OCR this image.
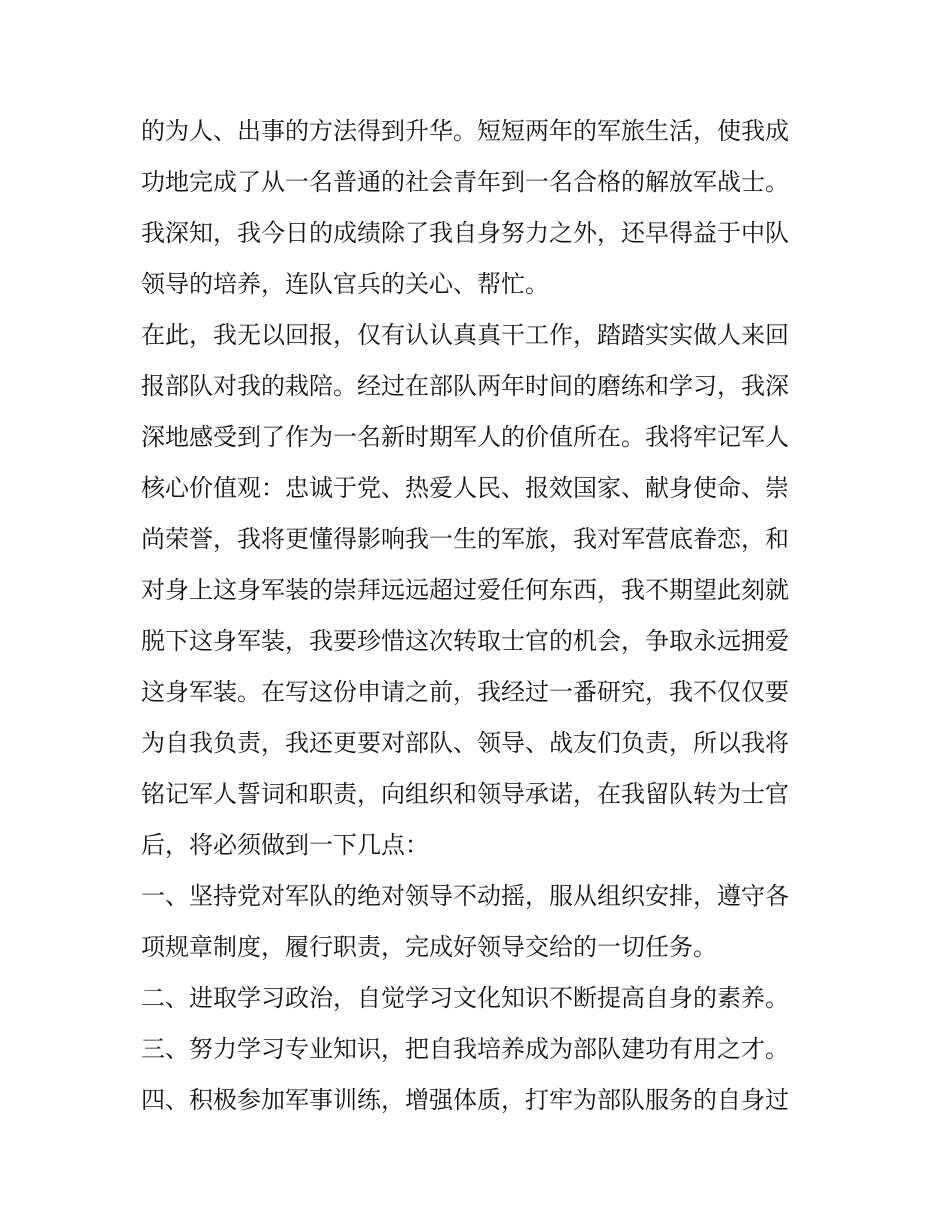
的为人、出事的方法得到升华。短短两年的军旅生活，使我成
功地完成了从一名普通的社会青年到一名合格的解放军战士。
我深知，我今日的成绩除了我自身努力之外，还早得益于中队
领导的培养，连队官兵的关心、帮忙。
在此，我无以回报，仅有认认真真干工作，踏踏实实做人来回
报部队对我的栽陪。经过在部队两年时间的磨练和学习，我深
深地感受到了作为一名新时期军人的价值所在。我将牢记军人
核心价值观：忠诚于党、热爱人民、报效国家、献身使命、崇
尚荣誉，我将更懂得影响我一生的军旅，我对军营底眷恋，和
对身上这身军装的崇拜远远超过爱任何东西，我不期望此刻就
脱下这身军装，我要珍惜这次转取士官的机会，争取永远拥爱
这身军装。在写这份申请之前，我经过一番研究，我不仅仅要
为自我负责，我还更要对部队、领导、战友们负责，所以我将
铭记军人誓词和职责，向组织和领导承诺，在我留队转为士官
后，将必须做到一下几点：
一、坚持党对军队的绝对领导不动摇，服从组织安排，遵守各
项规章制度，履行职责，完成好领导交给的一切任务。
二、进取学习政治，自觉学习文化知识不断提高自身的素养。
三、努力学习专业知识，把自我培养成为部队建功有用之才。
四、积极参加军事训练，增强体质，打牢为部队服务的自身过
